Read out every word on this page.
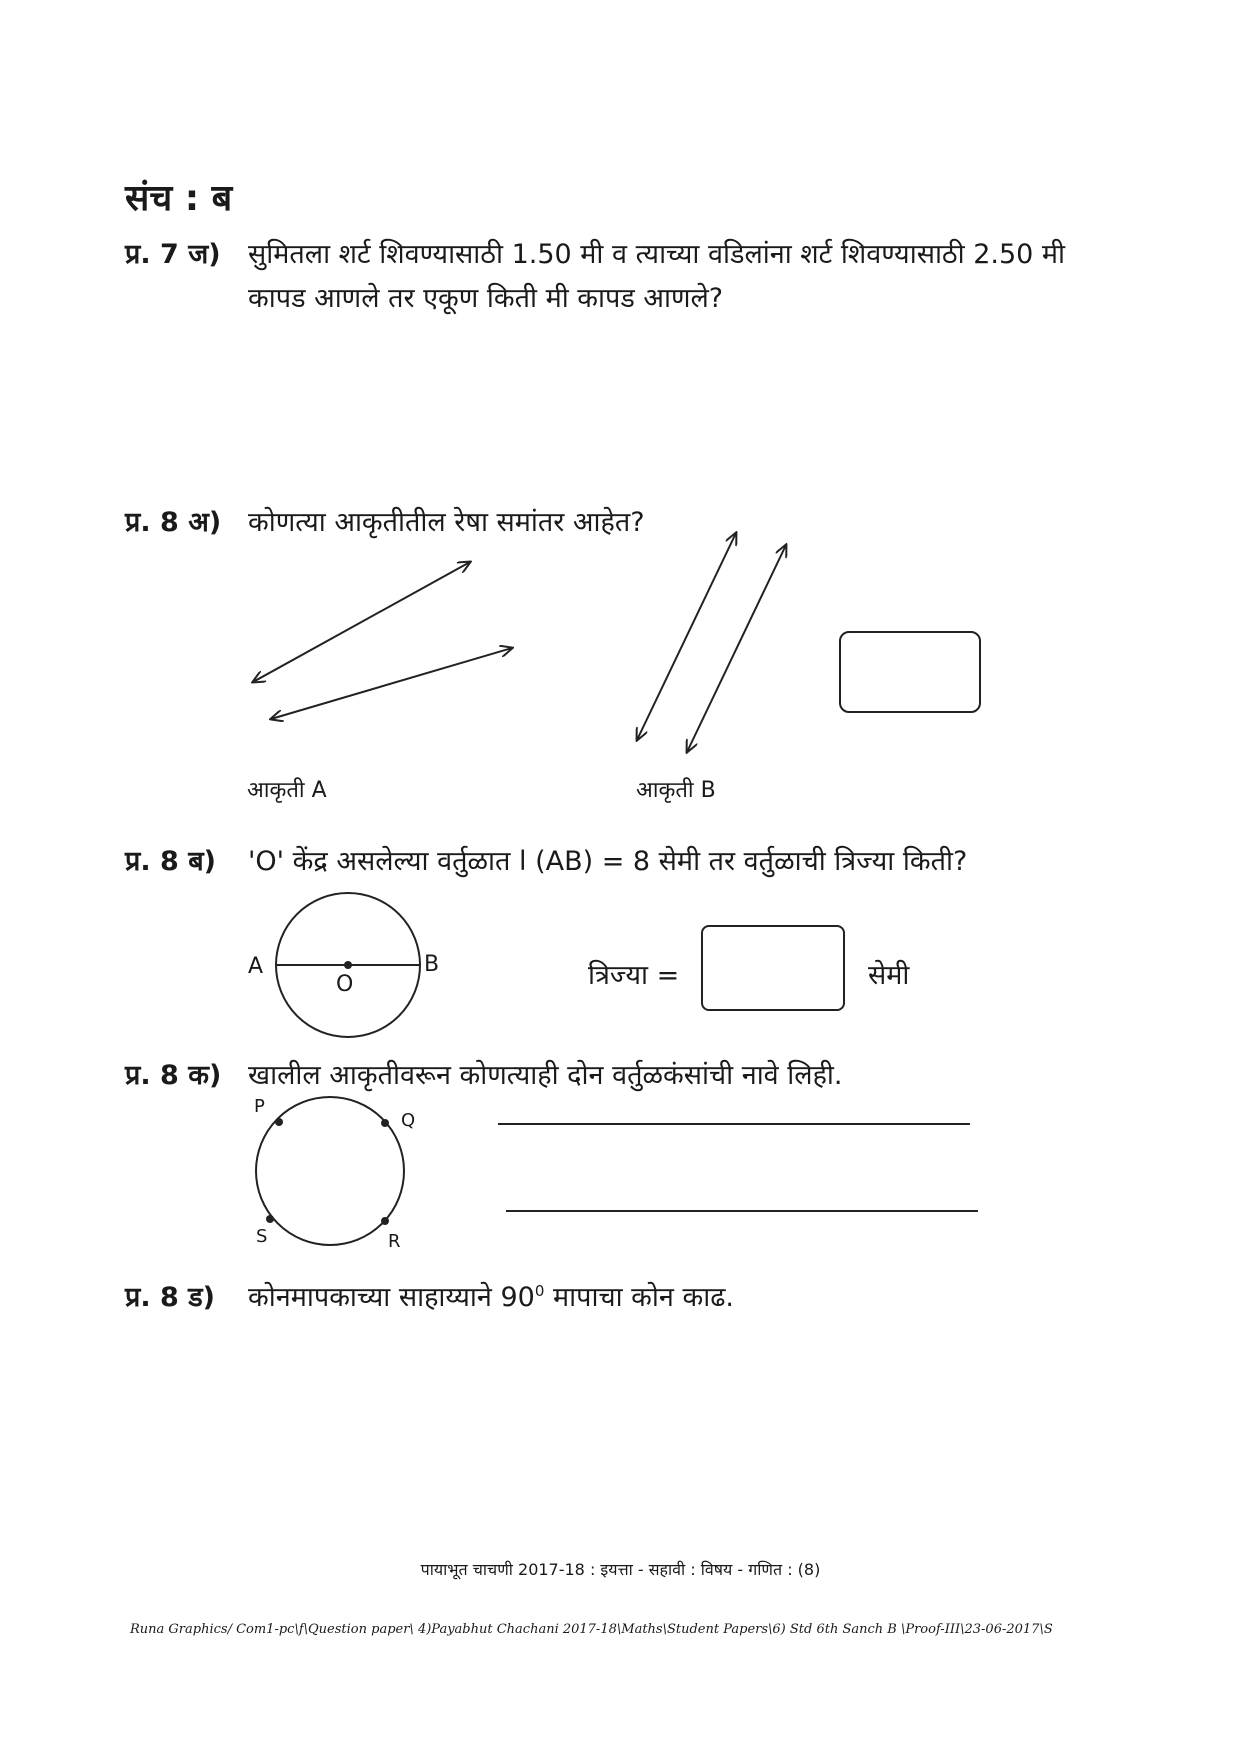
संच : ब
प्र. 7 ज) सुमितला शर्ट शिवण्यासाठी 1.50 मी व त्याच्या वडिलांना शर्ट शिवण्यासाठी 2.50 मी
कापड आणले तर एकूण किती मी कापड आणले?
प्र. 8 अ) कोणत्या आकृतीतील रेषा समांतर आहेत?
आकृती A	आकृती B
प्र. 8 ब) 'O' केंद्र असलेल्या वर्तुळात l (AB) = 8 सेमी तर वर्तुळाची त्रिज्या किती?
A	B
O	त्रिज्या =	सेमी
प्र. 8 क) खालील आकृतीवरून कोणत्याही दोन वर्तुळकंसांची नावे लिही.
P
Q
R
S
प्र. 8 ड) कोनमापकाच्या साहाय्याने $90^0$ मापाचा कोन काढ.
पायाभूत चाचणी 2017-18 : इयत्ता - सहावी : विषय - गणित : (8)
Runa Graphics/ Com1-pc\f\Question paper\ 4)Payabhut Chachani 2017-18\Maths\Student Papers\6) Std 6th Sanch B \Proof-III\23-06-2017\S
